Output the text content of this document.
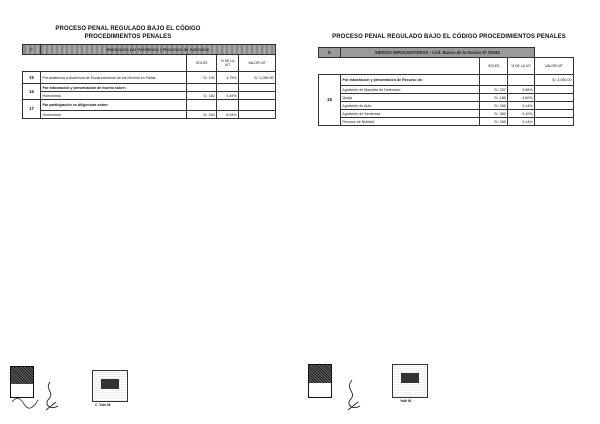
PROCESO PENAL REGULADO BAJO EL CÓDIGO
PROCEDIMIENTOS PENALES
C	Honorarios por Asistencia y Recursos de Apelación			
		SOLES	% DE LA UIT	VALOR UIT
15	Por asistencia a Audiencia de Esclarecimiento de los Hechos en Faltas	S/. 194	4.79%	S/. 4,050.00
16	Por elaboración y presentación de escrito sobre:			
	Homonimia	S/. 182	4.49%	
17	Por participación en diligencias sobre:			
	Homonimia	S/. 245	6.04%	
PROCESO PENAL REGULADO BAJO EL CÓDIGO PROCEDIMIENTOS PENALES
E	MEDIOS IMPUGNATORIOS - Cód. Banco de la Nación Nº 08183			
		SOLES	% DE LA UIT	VALOR UIT
18	Por elaboración y presentación de Recurso de:			S/. 4,050.00
	Apelación de Mandato de Detención	S/. 237	5.86%	
	Queja	S/. 186	4.60%	
	Apelación de Auto	S/. 208	5.14%	
	Apelación de Sentencia	S/. 369	9.10%	
	Recurso de Nulidad	S/. 208	5.14%	
C. Yuhi M.
Yuhi M.
